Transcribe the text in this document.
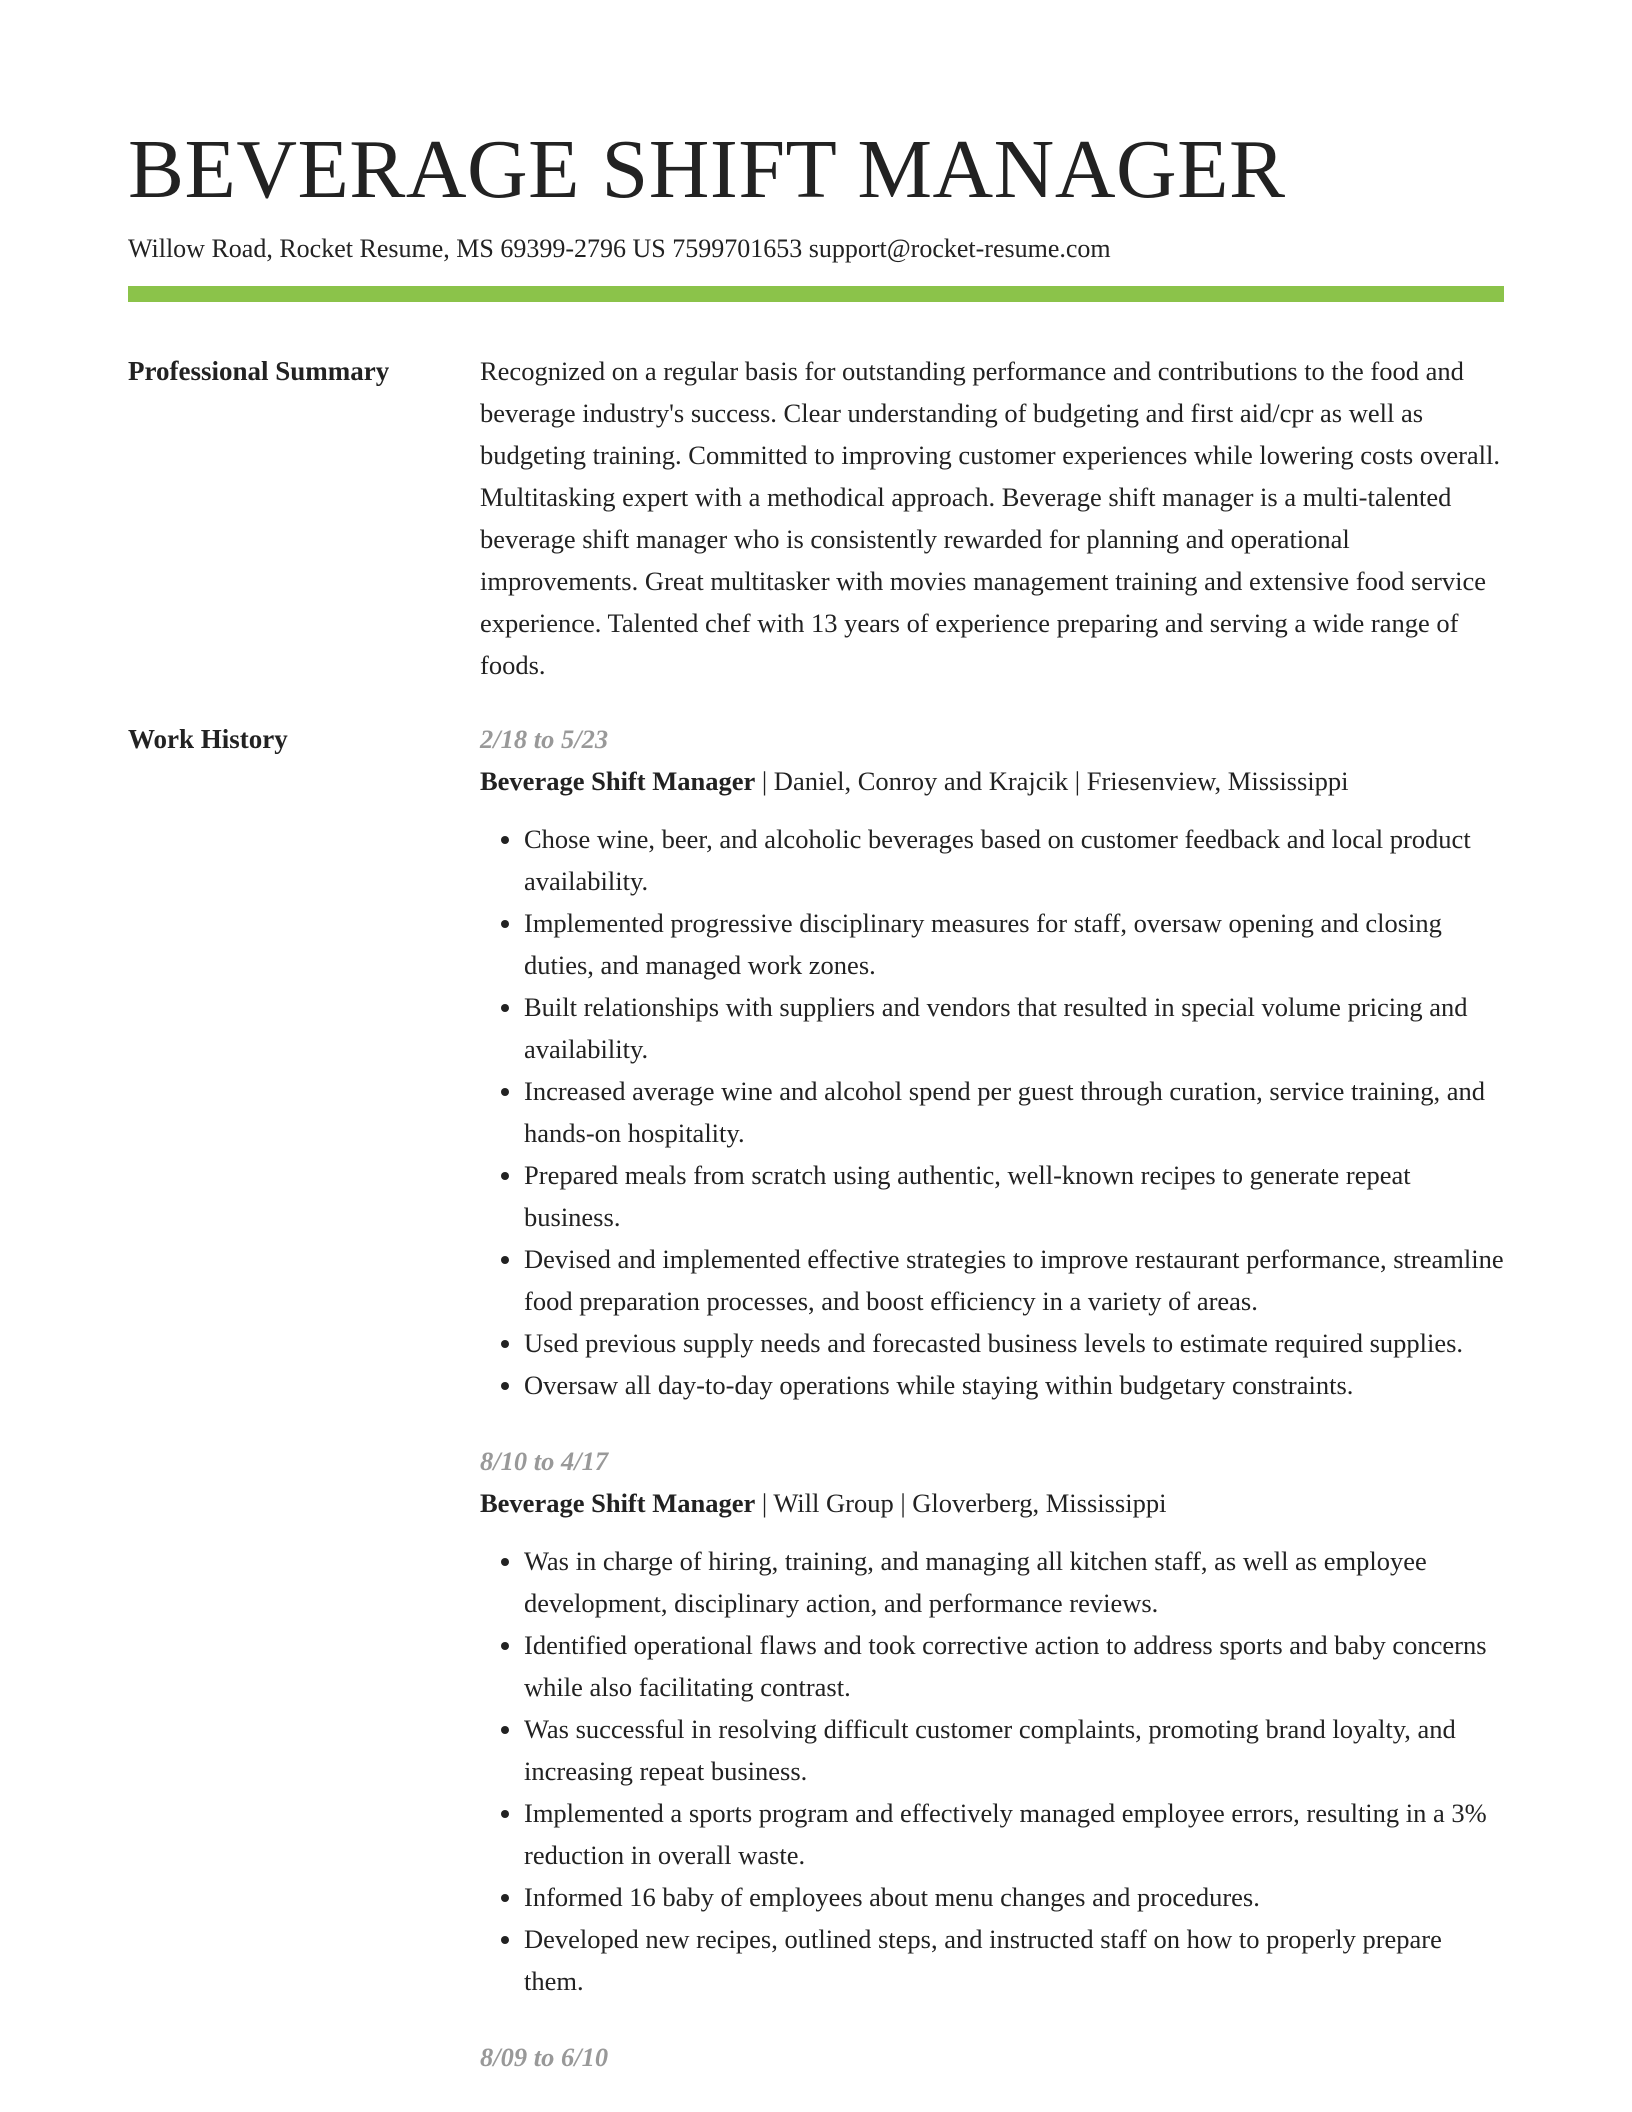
BEVERAGE SHIFT MANAGER
Willow Road, Rocket Resume, MS 69399-2796 US 7599701653 support@rocket-resume.com
Professional Summary	Recognized on a regular basis for outstanding performance and contributions to the food and beverage industry's success. Clear understanding of budgeting and first aid/cpr as well as budgeting training. Committed to improving customer experiences while lowering costs overall. Multitasking expert with a methodical approach. Beverage shift manager is a multi-talented beverage shift manager who is consistently rewarded for planning and operational improvements. Great multitasker with movies management training and extensive food service experience. Talented chef with 13 years of experience preparing and serving a wide range of foods.
Work History	2/18 to 5/23
Beverage Shift Manager | Daniel, Conroy and Krajcik | Friesenview, Mississippi
• Chose wine, beer, and alcoholic beverages based on customer feedback and local product availability.
• Implemented progressive disciplinary measures for staff, oversaw opening and closing duties, and managed work zones.
• Built relationships with suppliers and vendors that resulted in special volume pricing and availability.
• Increased average wine and alcohol spend per guest through curation, service training, and hands-on hospitality.
• Prepared meals from scratch using authentic, well-known recipes to generate repeat business.
• Devised and implemented effective strategies to improve restaurant performance, streamline food preparation processes, and boost efficiency in a variety of areas.
• Used previous supply needs and forecasted business levels to estimate required supplies.
• Oversaw all day-to-day operations while staying within budgetary constraints.
8/10 to 4/17
Beverage Shift Manager | Will Group | Gloverberg, Mississippi
• Was in charge of hiring, training, and managing all kitchen staff, as well as employee development, disciplinary action, and performance reviews.
• Identified operational flaws and took corrective action to address sports and baby concerns while also facilitating contrast.
• Was successful in resolving difficult customer complaints, promoting brand loyalty, and increasing repeat business.
• Implemented a sports program and effectively managed employee errors, resulting in a 3% reduction in overall waste.
• Informed 16 baby of employees about menu changes and procedures.
• Developed new recipes, outlined steps, and instructed staff on how to properly prepare them.
8/09 to 6/10
